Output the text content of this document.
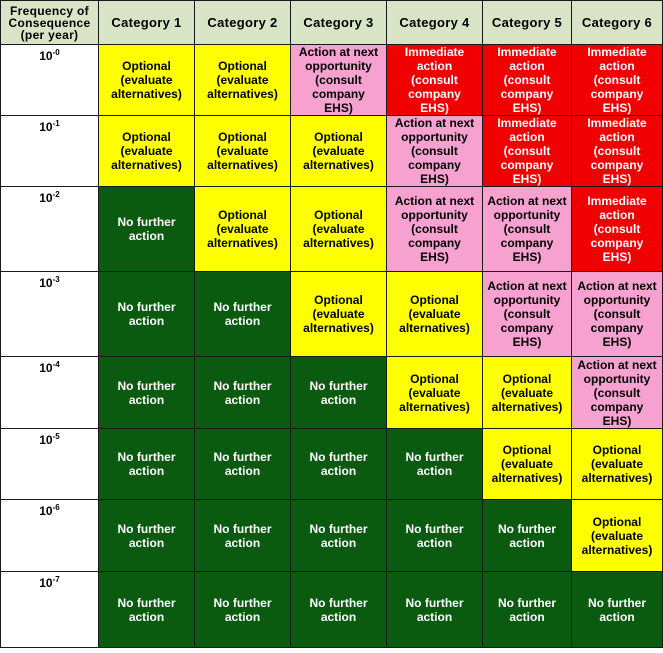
Frequency of
Consequence
(per year)	Category 1	Category 2	Category 3	Category 4	Category 5	Category 6
$10^{-0}$	Optional
(evaluate
alternatives)	Optional
(evaluate
alternatives)	Action at next
opportunity
(consult
company
EHS)	Immediate
action
(consult
company
EHS)	Immediate
action
(consult
company
EHS)	Immediate
action
(consult
company
EHS)
$10^{-1}$	Optional
(evaluate
alternatives)	Optional
(evaluate
alternatives)	Optional
(evaluate
alternatives)	Action at next
opportunity
(consult
company
EHS)	Immediate
action
(consult
company
EHS)	Immediate
action
(consult
company
EHS)
$10^{-2}$	No further
action	Optional
(evaluate
alternatives)	Optional
(evaluate
alternatives)	Action at next
opportunity
(consult
company
EHS)	Action at next
opportunity
(consult
company
EHS)	Immediate
action
(consult
company
EHS)
$10^{-3}$	No further
action	No further
action	Optional
(evaluate
alternatives)	Optional
(evaluate
alternatives)	Action at next
opportunity
(consult
company
EHS)	Action at next
opportunity
(consult
company
EHS)
$10^{-4}$	No further
action	No further
action	No further
action	Optional
(evaluate
alternatives)	Optional
(evaluate
alternatives)	Action at next
opportunity
(consult
company
EHS)
$10^{-5}$	No further
action	No further
action	No further
action	No further
action	Optional
(evaluate
alternatives)	Optional
(evaluate
alternatives)
$10^{-6}$	No further
action	No further
action	No further
action	No further
action	No further
action	Optional
(evaluate
alternatives)
$10^{-7}$	No further
action	No further
action	No further
action	No further
action	No further
action	No further
action
